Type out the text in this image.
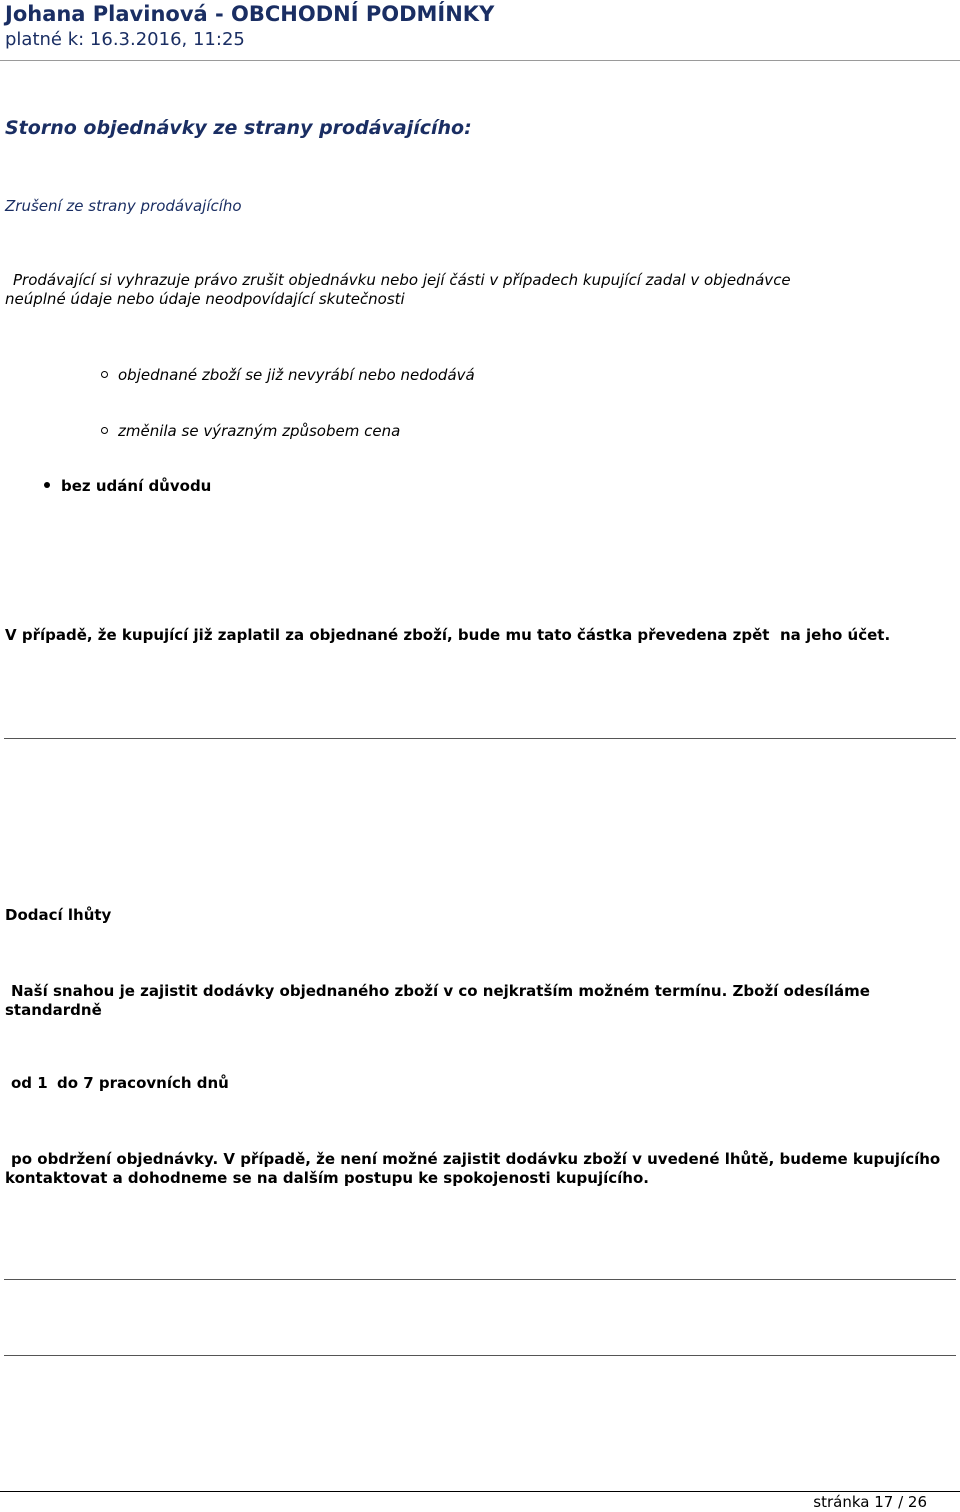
Johana Plavinová - OBCHODNÍ PODMÍNKY
platné k: 16.3.2016, 11:25
Storno objednávky ze strany prodávajícího:
Zrušení ze strany prodávajícího
Prodávající si vyhrazuje právo zrušit objednávku nebo její části v případech kupující zadal v objednávce
neúplné údaje nebo údaje neodpovídající skutečnosti
objednané zboží se již nevyrábí nebo nedodává
změnila se výrazným způsobem cena
bez udání důvodu
V případě, že kupující již zaplatil za objednané zboží, bude mu tato částka převedena zpět na jeho účet.
Dodací lhůty
Naší snahou je zajistit dodávky objednaného zboží v co nejkratším možném termínu. Zboží odesíláme
standardně
od 1 do 7 pracovních dnů
po obdržení objednávky. V případě, že není možné zajistit dodávku zboží v uvedené lhůtě, budeme kupujícího
kontaktovat a dohodneme se na dalším postupu ke spokojenosti kupujícího.
stránka 17 / 26
